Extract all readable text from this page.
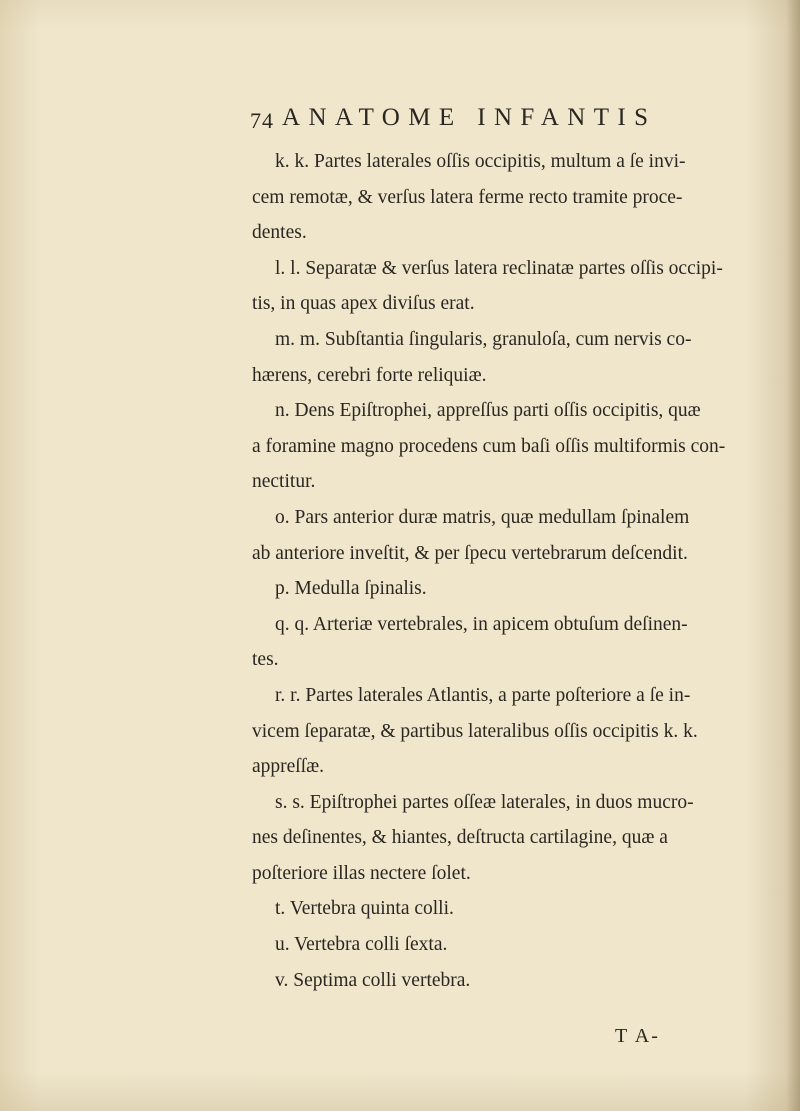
74 ANATOME INFANTIS
k. k. Partes laterales oſſis occipitis, multum a ſe invi-
cem remotæ, & verſus latera ferme recto tramite proce-
dentes.
l. l. Separatæ & verſus latera reclinatæ partes oſſis occipi-
tis, in quas apex diviſus erat.
m. m. Subſtantia ſingularis, granuloſa, cum nervis co-
hærens, cerebri forte reliquiæ.
n. Dens Epiſtrophei, appreſſus parti oſſis occipitis, quæ
a foramine magno procedens cum baſi oſſis multiformis con-
nectitur.
o. Pars anterior duræ matris, quæ medullam ſpinalem
ab anteriore inveſtit, & per ſpecu vertebrarum deſcendit.
p. Medulla ſpinalis.
q. q. Arteriæ vertebrales, in apicem obtuſum deſinen-
tes.
r. r. Partes laterales Atlantis, a parte poſteriore a ſe in-
vicem ſeparatæ, & partibus lateralibus oſſis occipitis k. k.
appreſſæ.
s. s. Epiſtrophei partes oſſeæ laterales, in duos mucro-
nes deſinentes, & hiantes, deſtructa cartilagine, quæ a
poſteriore illas nectere ſolet.
t. Vertebra quinta colli.
u. Vertebra colli ſexta.
v. Septima colli vertebra.
T A-
